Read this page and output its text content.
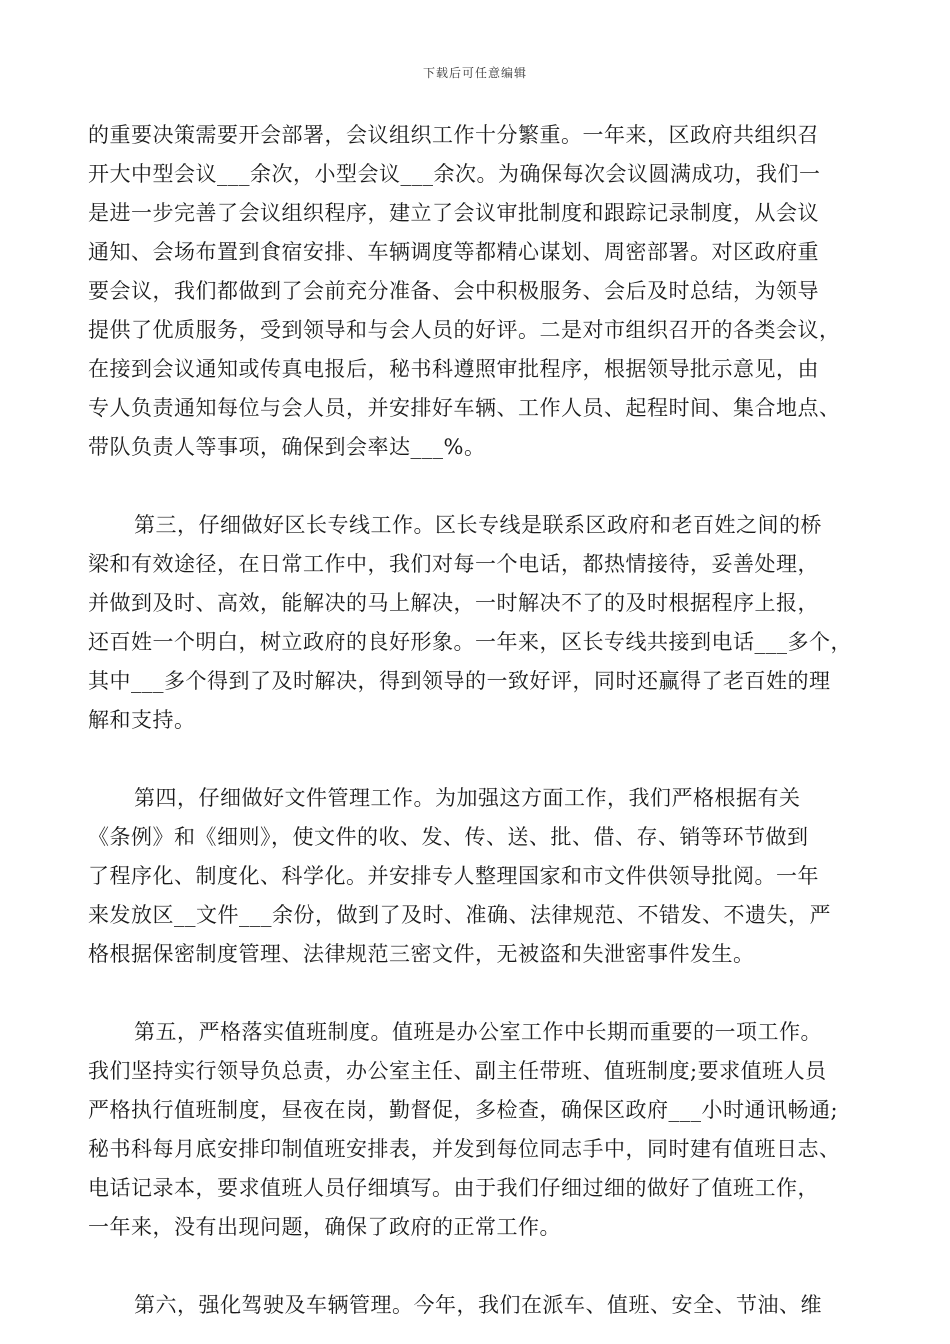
下载后可任意编辑
的重要决策需要开会部署，会议组织工作十分繁重。一年来，区政府共组织召
开大中型会议___余次，小型会议___余次。为确保每次会议圆满成功，我们一
是进一步完善了会议组织程序，建立了会议审批制度和跟踪记录制度，从会议
通知、会场布置到食宿安排、车辆调度等都精心谋划、周密部署。对区政府重
要会议，我们都做到了会前充分准备、会中积极服务、会后及时总结，为领导
提供了优质服务，受到领导和与会人员的好评。二是对市组织召开的各类会议，
在接到会议通知或传真电报后，秘书科遵照审批程序，根据领导批示意见，由
专人负责通知每位与会人员，并安排好车辆、工作人员、起程时间、集合地点、
带队负责人等事项，确保到会率达___%。
第三，仔细做好区长专线工作。区长专线是联系区政府和老百姓之间的桥
梁和有效途径，在日常工作中，我们对每一个电话，都热情接待，妥善处理，
并做到及时、高效，能解决的马上解决，一时解决不了的及时根据程序上报，
还百姓一个明白，树立政府的良好形象。一年来，区长专线共接到电话___多个，
其中___多个得到了及时解决，得到领导的一致好评，同时还赢得了老百姓的理
解和支持。
第四，仔细做好文件管理工作。为加强这方面工作，我们严格根据有关
《条例》和《细则》，使文件的收、发、传、送、批、借、存、销等环节做到
了程序化、制度化、科学化。并安排专人整理国家和市文件供领导批阅。一年
来发放区__文件___余份，做到了及时、准确、法律规范、不错发、不遗失，严
格根据保密制度管理、法律规范三密文件，无被盗和失泄密事件发生。
第五，严格落实值班制度。值班是办公室工作中长期而重要的一项工作。
我们坚持实行领导负总责，办公室主任、副主任带班、值班制度;要求值班人员
严格执行值班制度，昼夜在岗，勤督促，多检查，确保区政府___小时通讯畅通;
秘书科每月底安排印制值班安排表，并发到每位同志手中，同时建有值班日志、
电话记录本，要求值班人员仔细填写。由于我们仔细过细的做好了值班工作，
一年来，没有出现问题，确保了政府的正常工作。
第六，强化驾驶及车辆管理。今年，我们在派车、值班、安全、节油、维
